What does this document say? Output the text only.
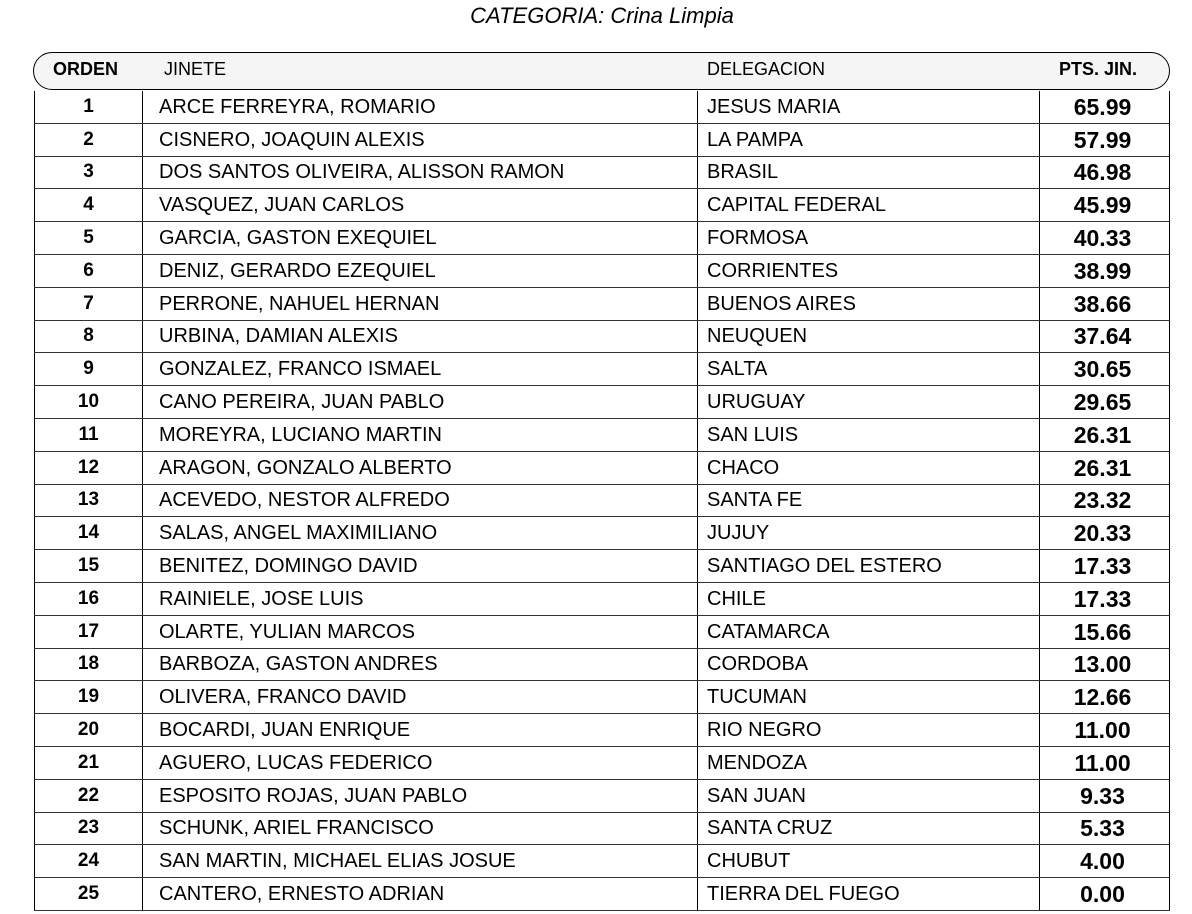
CATEGORIA: Crina Limpia
ORDEN	JINETE	DELEGACION	PTS. JIN.
1	ARCE FERREYRA, ROMARIO	JESUS MARIA	65.99
2	CISNERO, JOAQUIN ALEXIS	LA PAMPA	57.99
3	DOS SANTOS OLIVEIRA, ALISSON RAMON	BRASIL	46.98
4	VASQUEZ, JUAN CARLOS	CAPITAL FEDERAL	45.99
5	GARCIA, GASTON EXEQUIEL	FORMOSA	40.33
6	DENIZ, GERARDO EZEQUIEL	CORRIENTES	38.99
7	PERRONE, NAHUEL HERNAN	BUENOS AIRES	38.66
8	URBINA, DAMIAN ALEXIS	NEUQUEN	37.64
9	GONZALEZ, FRANCO ISMAEL	SALTA	30.65
10	CANO PEREIRA, JUAN PABLO	URUGUAY	29.65
11	MOREYRA, LUCIANO MARTIN	SAN LUIS	26.31
12	ARAGON, GONZALO ALBERTO	CHACO	26.31
13	ACEVEDO, NESTOR ALFREDO	SANTA FE	23.32
14	SALAS, ANGEL MAXIMILIANO	JUJUY	20.33
15	BENITEZ, DOMINGO DAVID	SANTIAGO DEL ESTERO	17.33
16	RAINIELE, JOSE LUIS	CHILE	17.33
17	OLARTE, YULIAN MARCOS	CATAMARCA	15.66
18	BARBOZA, GASTON ANDRES	CORDOBA	13.00
19	OLIVERA, FRANCO DAVID	TUCUMAN	12.66
20	BOCARDI, JUAN ENRIQUE	RIO NEGRO	11.00
21	AGUERO, LUCAS FEDERICO	MENDOZA	11.00
22	ESPOSITO ROJAS, JUAN PABLO	SAN JUAN	9.33
23	SCHUNK, ARIEL FRANCISCO	SANTA CRUZ	5.33
24	SAN MARTIN, MICHAEL ELIAS JOSUE	CHUBUT	4.00
25	CANTERO, ERNESTO ADRIAN	TIERRA DEL FUEGO	0.00
